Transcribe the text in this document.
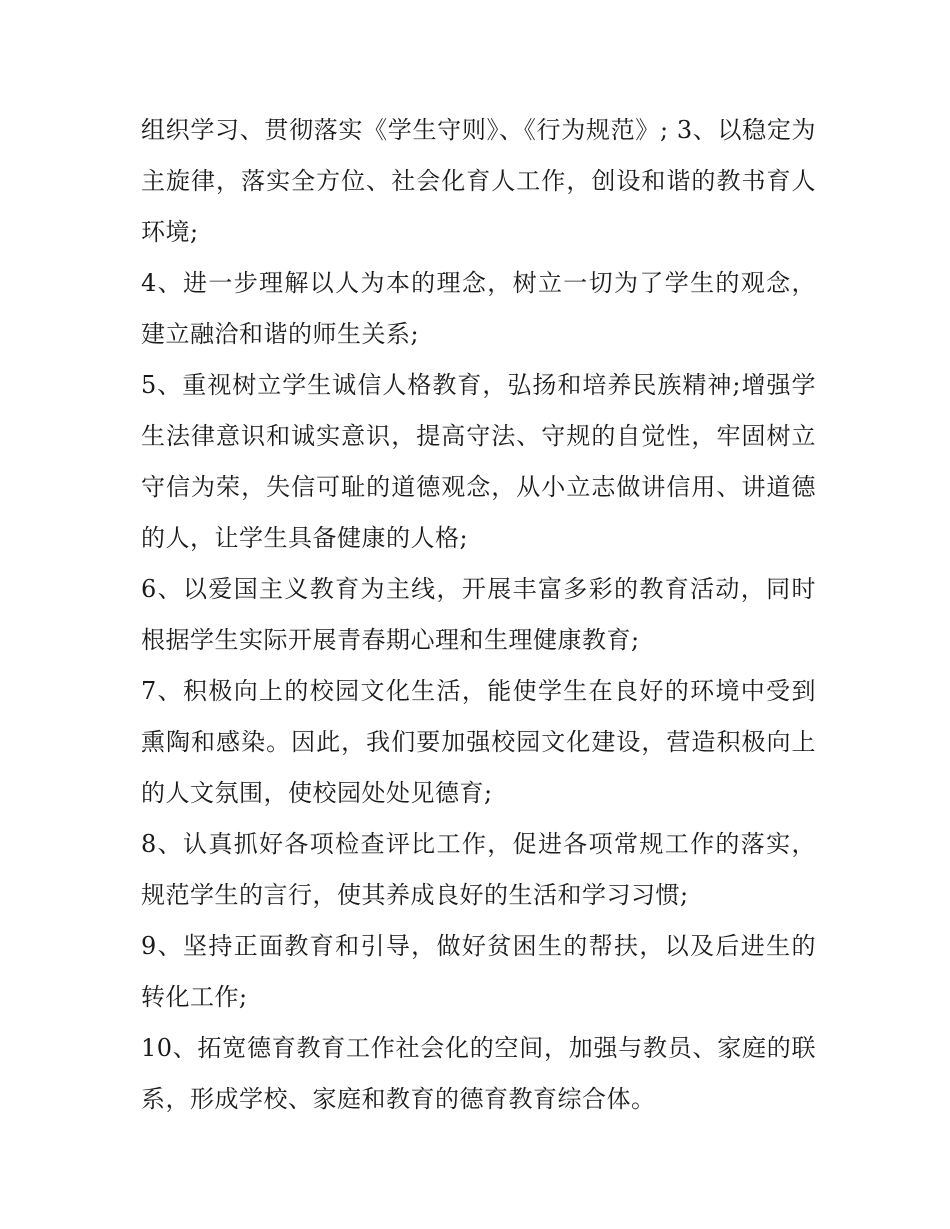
组织学习、贯彻落实《学生守则》、《行为规范》; 3、以稳定为主旋律，落实全方位、社会化育人工作，创设和谐的教书育人环境;

4、进一步理解以人为本的理念，树立一切为了学生的观念，建立融洽和谐的师生关系;

5、重视树立学生诚信人格教育，弘扬和培养民族精神;增强学生法律意识和诚实意识，提高守法、守规的自觉性，牢固树立守信为荣，失信可耻的道德观念，从小立志做讲信用、讲道德的人，让学生具备健康的人格;

6、以爱国主义教育为主线，开展丰富多彩的教育活动，同时根据学生实际开展青春期心理和生理健康教育;

7、积极向上的校园文化生活，能使学生在良好的环境中受到熏陶和感染。因此，我们要加强校园文化建设，营造积极向上的人文氛围，使校园处处见德育;

8、认真抓好各项检查评比工作，促进各项常规工作的落实，规范学生的言行，使其养成良好的生活和学习习惯;

9、坚持正面教育和引导，做好贫困生的帮扶，以及后进生的转化工作;

10、拓宽德育教育工作社会化的空间，加强与教员、家庭的联系，形成学校、家庭和教育的德育教育综合体。
